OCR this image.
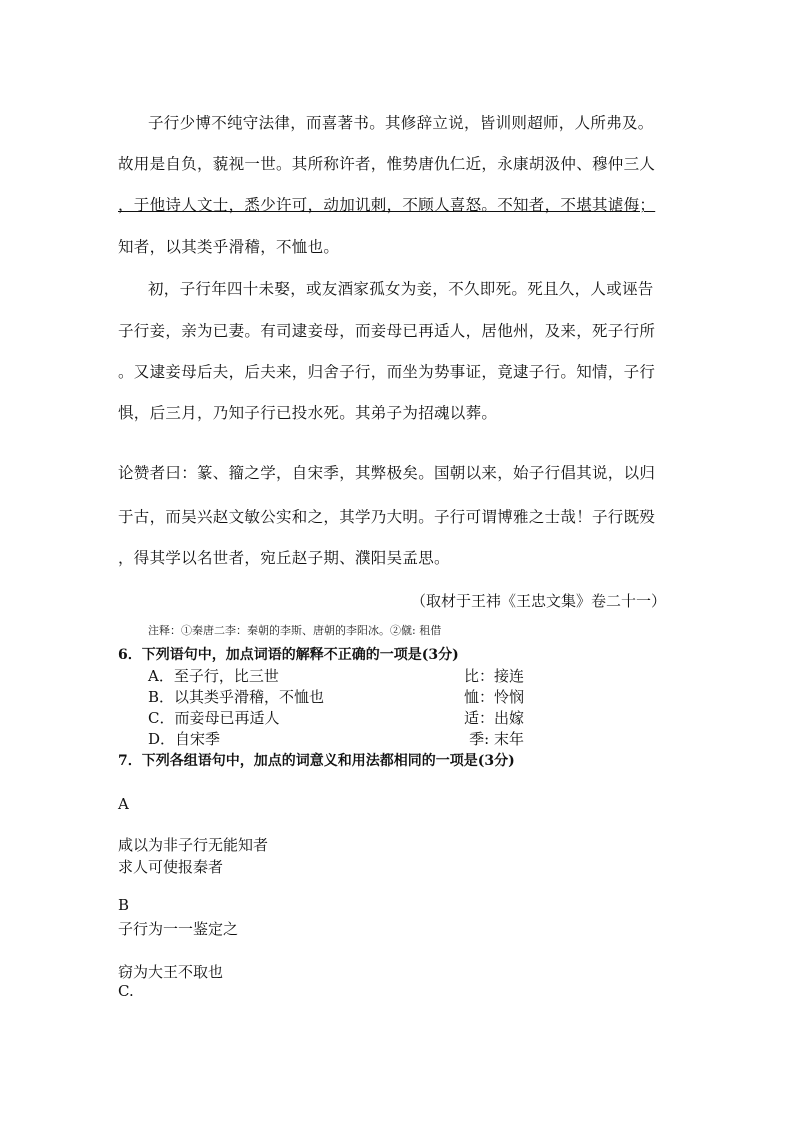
子行少博不纯守法律，而喜著书。其修辞立说，皆训则超师，人所弗及。
故用是自负，藐视一世。其所称许者，惟势唐仇仁近，永康胡汲仲、穆仲三人
，于他诗人文士，悉少许可，动加讥刺，不顾人喜怒。不知者，不堪其谑侮；
知者，以其类乎滑稽，不恤也。
初，子行年四十未娶，或友酒家孤女为妾，不久即死。死且久，人或诬告
子行妾，亲为已妻。有司逮妾母，而妾母已再适人，居他州，及来，死子行所
。又逮妾母后夫，后夫来，归舍子行，而坐为势事证，竟逮子行。知情，子行
惧，后三月，乃知子行已投水死。其弟子为招魂以葬。
论赞者曰：篆、籀之学，自宋季，其弊极矣。国朝以来，始子行倡其说，以归
于古，而吴兴赵文敏公实和之，其学乃大明。子行可谓博雅之士哉！子行既殁
，得其学以名世者，宛丘赵子期、濮阳吴孟思。
（取材于王祎《王忠文集》卷二十一）
注释：①秦唐二李：秦朝的李斯、唐朝的李阳冰。②僦: 租借
6．下列语句中，加点词语的解释不正确的一项是(3分)
A．至子行，比三世	比：接连
B．以其类乎滑稽，不恤也	恤：怜悯
C．而妾母已再适人	适：出嫁
D．自宋季	季: 末年
7．下列各组语句中，加点的词意义和用法都相同的一项是(3分)
A
咸以为非子行无能知者
求人可使报秦者
B
子行为一一鉴定之
窃为大王不取也
C.
